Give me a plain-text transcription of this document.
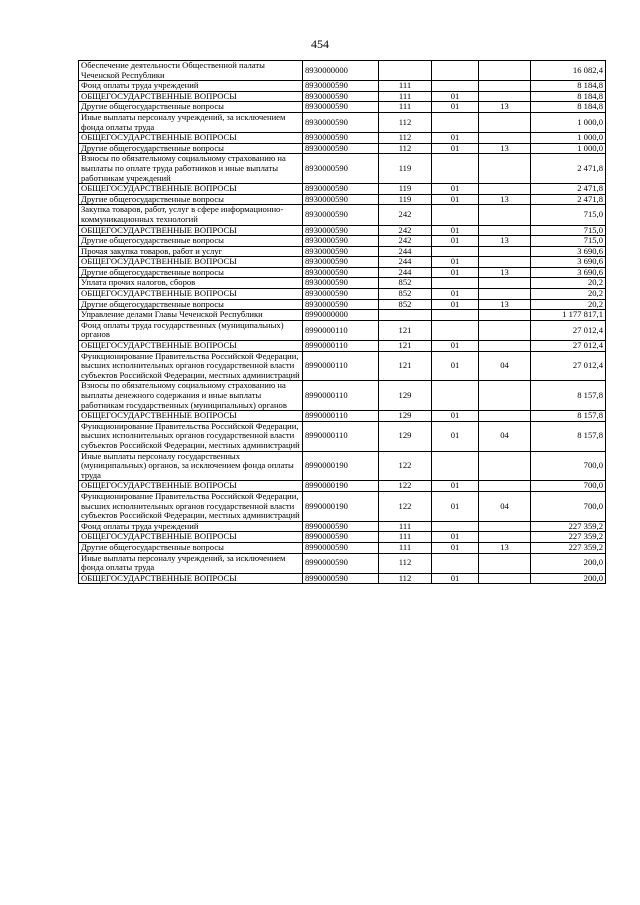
454
Обеспечение деятельности Общественной палаты Чеченской Республики	8930000000				16 082,4
Фонд оплаты труда учреждений	8930000590	111			8 184,8
ОБЩЕГОСУДАРСТВЕННЫЕ ВОПРОСЫ	8930000590	111	01		8 184,8
Другие общегосударственные вопросы	8930000590	111	01	13	8 184,8
Иные выплаты персоналу учреждений, за исключением фонда оплаты труда	8930000590	112			1 000,0
ОБЩЕГОСУДАРСТВЕННЫЕ ВОПРОСЫ	8930000590	112	01		1 000,0
Другие общегосударственные вопросы	8930000590	112	01	13	1 000,0
Взносы по обязательному социальному страхованию на выплаты по оплате труда работников и иные выплаты работникам учреждений	8930000590	119			2 471,8
ОБЩЕГОСУДАРСТВЕННЫЕ ВОПРОСЫ	8930000590	119	01		2 471,8
Другие общегосударственные вопросы	8930000590	119	01	13	2 471,8
Закупка товаров, работ, услуг в сфере информационно-коммуникационных технологий	8930000590	242			715,0
ОБЩЕГОСУДАРСТВЕННЫЕ ВОПРОСЫ	8930000590	242	01		715,0
Другие общегосударственные вопросы	8930000590	242	01	13	715,0
Прочая закупка товаров, работ и услуг	8930000590	244			3 690,6
ОБЩЕГОСУДАРСТВЕННЫЕ ВОПРОСЫ	8930000590	244	01		3 690,6
Другие общегосударственные вопросы	8930000590	244	01	13	3 690,6
Уплата прочих налогов, сборов	8930000590	852			20,2
ОБЩЕГОСУДАРСТВЕННЫЕ ВОПРОСЫ	8930000590	852	01		20,2
Другие общегосударственные вопросы	8930000590	852	01	13	20,2
Управление делами Главы Чеченской Республики	8990000000				1 177 817,1
Фонд оплаты труда государственных (муниципальных) органов	8990000110	121			27 012,4
ОБЩЕГОСУДАРСТВЕННЫЕ ВОПРОСЫ	8990000110	121	01		27 012,4
Функционирование Правительства Российской Федерации, высших исполнительных органов государственной власти субъектов Российской Федерации, местных администраций	8990000110	121	01	04	27 012,4
Взносы по обязательному социальному страхованию на выплаты денежного содержания и иные выплаты работникам государственных (муниципальных) органов	8990000110	129			8 157,8
ОБЩЕГОСУДАРСТВЕННЫЕ ВОПРОСЫ	8990000110	129	01		8 157,8
Функционирование Правительства Российской Федерации, высших исполнительных органов государственной власти субъектов Российской Федерации, местных администраций	8990000110	129	01	04	8 157,8
Иные выплаты персоналу государственных (муниципальных) органов, за исключением фонда оплаты труда	8990000190	122			700,0
ОБЩЕГОСУДАРСТВЕННЫЕ ВОПРОСЫ	8990000190	122	01		700,0
Функционирование Правительства Российской Федерации, высших исполнительных органов государственной власти субъектов Российской Федерации, местных администраций	8990000190	122	01	04	700,0
Фонд оплаты труда учреждений	8990000590	111			227 359,2
ОБЩЕГОСУДАРСТВЕННЫЕ ВОПРОСЫ	8990000590	111	01		227 359,2
Другие общегосударственные вопросы	8990000590	111	01	13	227 359,2
Иные выплаты персоналу учреждений, за исключением фонда оплаты труда	8990000590	112			200,0
ОБЩЕГОСУДАРСТВЕННЫЕ ВОПРОСЫ	8990000590	112	01		200,0
